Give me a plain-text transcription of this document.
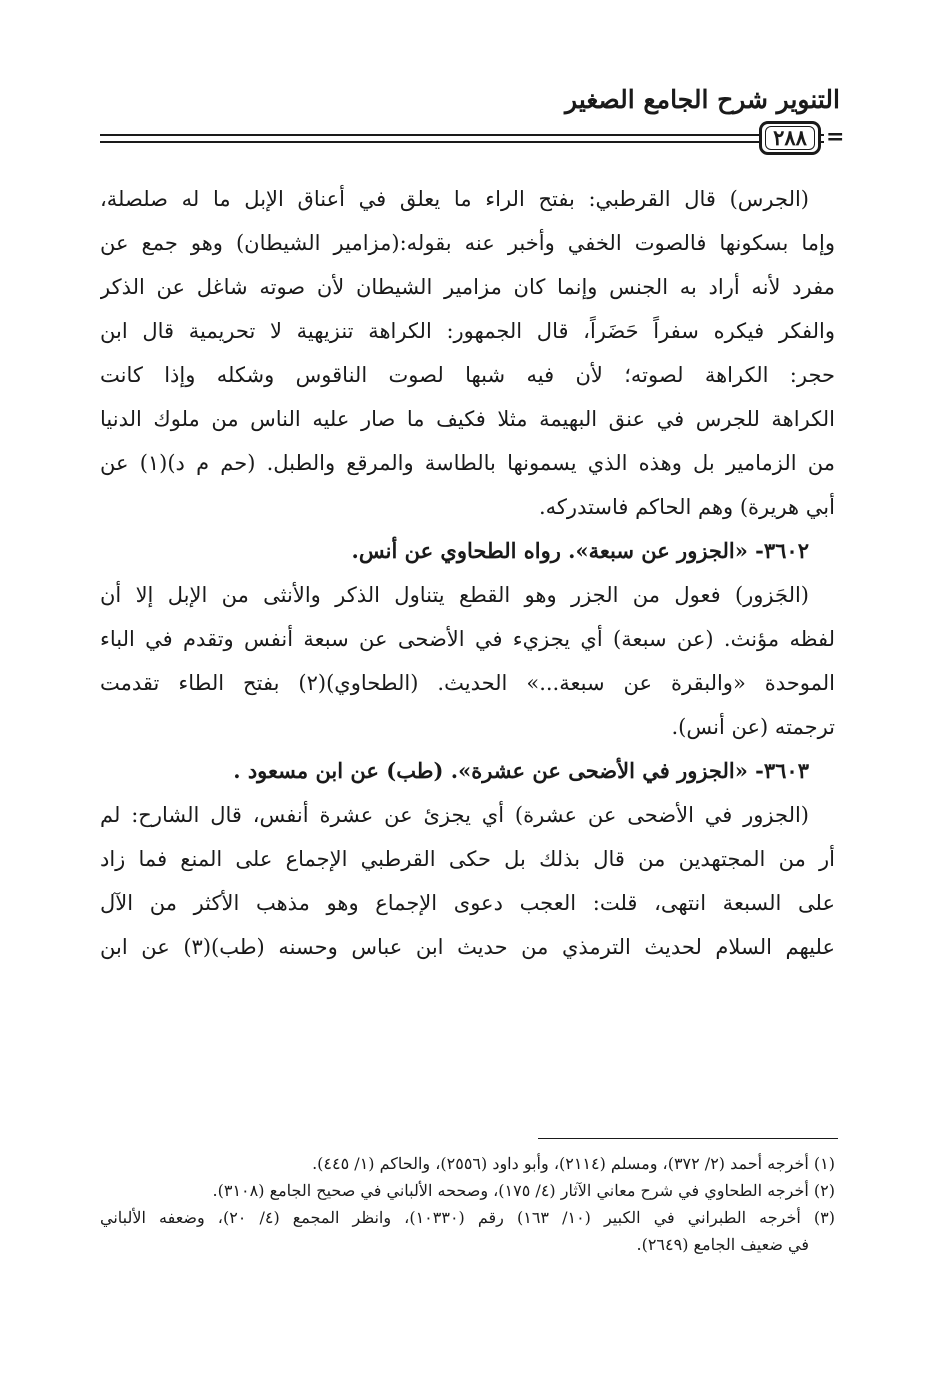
التنوير شرح الجامع الصغير
٢٨٨ =
(الجرس) قال القرطبي: بفتح الراء ما يعلق في أعناق الإبل ما له صلصلة،
وإما بسكونها فالصوت الخفي وأخبر عنه بقوله:(مزامير الشيطان) وهو جمع عن
مفرد لأنه أراد به الجنس وإنما كان مزامير الشيطان لأن صوته شاغل عن الذكر
والفكر فيكره سفراً حَضَراً، قال الجمهور: الكراهة تنزيهية لا تحريمية قال ابن
حجر: الكراهة لصوته؛ لأن فيه شبها لصوت الناقوس وشكله وإذا كانت
الكراهة للجرس في عنق البهيمة مثلا فكيف ما صار عليه الناس من ملوك الدنيا
من الزمامير بل وهذه الذي يسمونها بالطاسة والمرقع والطبل. (حم م د)(١) عن
أبي هريرة) وهم الحاكم فاستدركه.
٣٦٠٢- «الجزور عن سبعة». رواه الطحاوي عن أنس.
(الجَزور) فعول من الجزر وهو القطع يتناول الذكر والأنثى من الإبل إلا أن
لفظه مؤنث. (عن سبعة) أي يجزيء في الأضحى عن سبعة أنفس وتقدم في الباء
الموحدة «والبقرة عن سبعة...» الحديث. (الطحاوي)(٢) بفتح الطاء تقدمت
ترجمته (عن أنس).
٣٦٠٣- «الجزور في الأضحى عن عشرة». (طب) عن ابن مسعود .
(الجزور في الأضحى عن عشرة) أي يجزئ عن عشرة أنفس، قال الشارح: لم
أر من المجتهدين من قال بذلك بل حكى القرطبي الإجماع على المنع فما زاد
على السبعة انتهى، قلت: العجب دعوى الإجماع وهو مذهب الأكثر من الآل
عليهم السلام لحديث الترمذي من حديث ابن عباس وحسنه (طب)(٣) عن ابن
(١) أخرجه أحمد (٢/ ٣٧٢)، ومسلم (٢١١٤)، وأبو داود (٢٥٥٦)، والحاكم (١/ ٤٤٥).
(٢) أخرجه الطحاوي في شرح معاني الآثار (٤/ ١٧٥)، وصححه الألباني في صحيح الجامع (٣١٠٨).
(٣) أخرجه الطبراني في الكبير (١٠/ ١٦٣) رقم (١٠٣٣٠)، وانظر المجمع (٤/ ٢٠)، وضعفه الألباني
في ضعيف الجامع (٢٦٤٩).
